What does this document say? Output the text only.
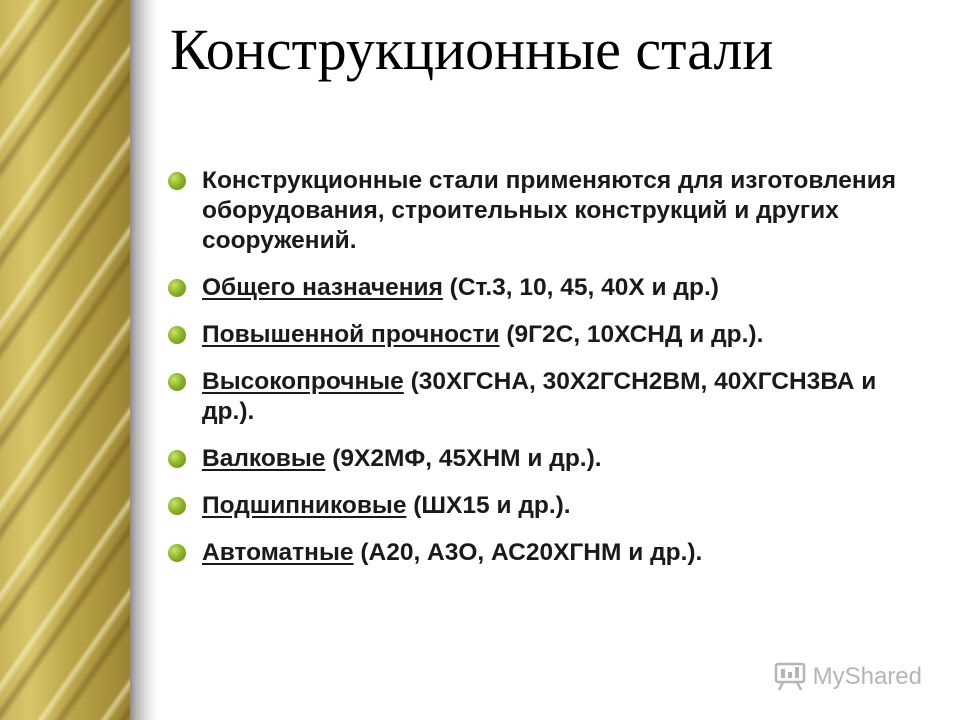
Конструкционные стали
Конструкционные стали применяются для изготовления оборудования, строительных конструкций и других сооружений.
Общего назначения (Ст.3, 10, 45, 40Х и др.)
Повышенной прочности (9Г2С, 10ХСНД и др.).
Высокопрочные (30ХГСНА, 30Х2ГСН2ВМ, 40ХГСН3ВА и др.).
Валковые (9Х2МФ, 45ХНМ и др.).
Подшипниковые (ШХ15 и др.).
Автоматные (А20, А3О, АС20ХГНМ и др.).
MyShared
